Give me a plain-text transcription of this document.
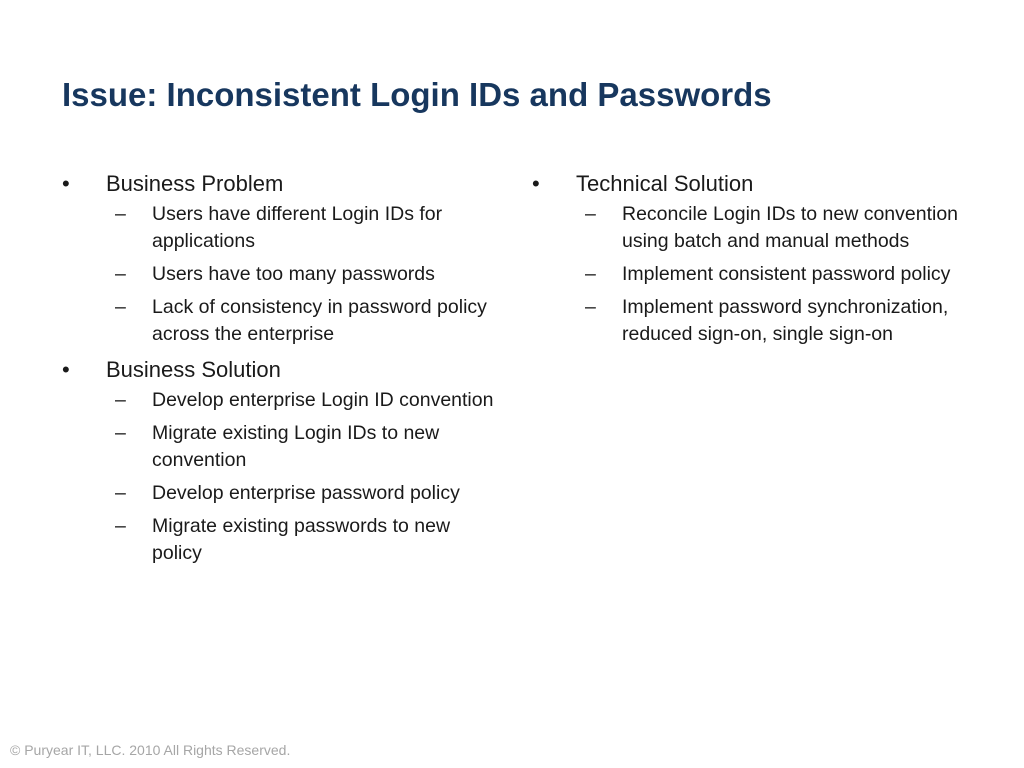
Issue: Inconsistent Login IDs and Passwords
• Business Problem
– Users have different Login IDs for applications
– Users have too many passwords
– Lack of consistency in password policy across the enterprise
• Business Solution
– Develop enterprise Login ID convention
– Migrate existing Login IDs to new convention
– Develop enterprise password policy
– Migrate existing passwords to new policy
• Technical Solution
– Reconcile Login IDs to new convention using batch and manual methods
– Implement consistent password policy
– Implement password synchronization, reduced sign-on, single sign-on
© Puryear IT, LLC. 2010 All Rights Reserved.
